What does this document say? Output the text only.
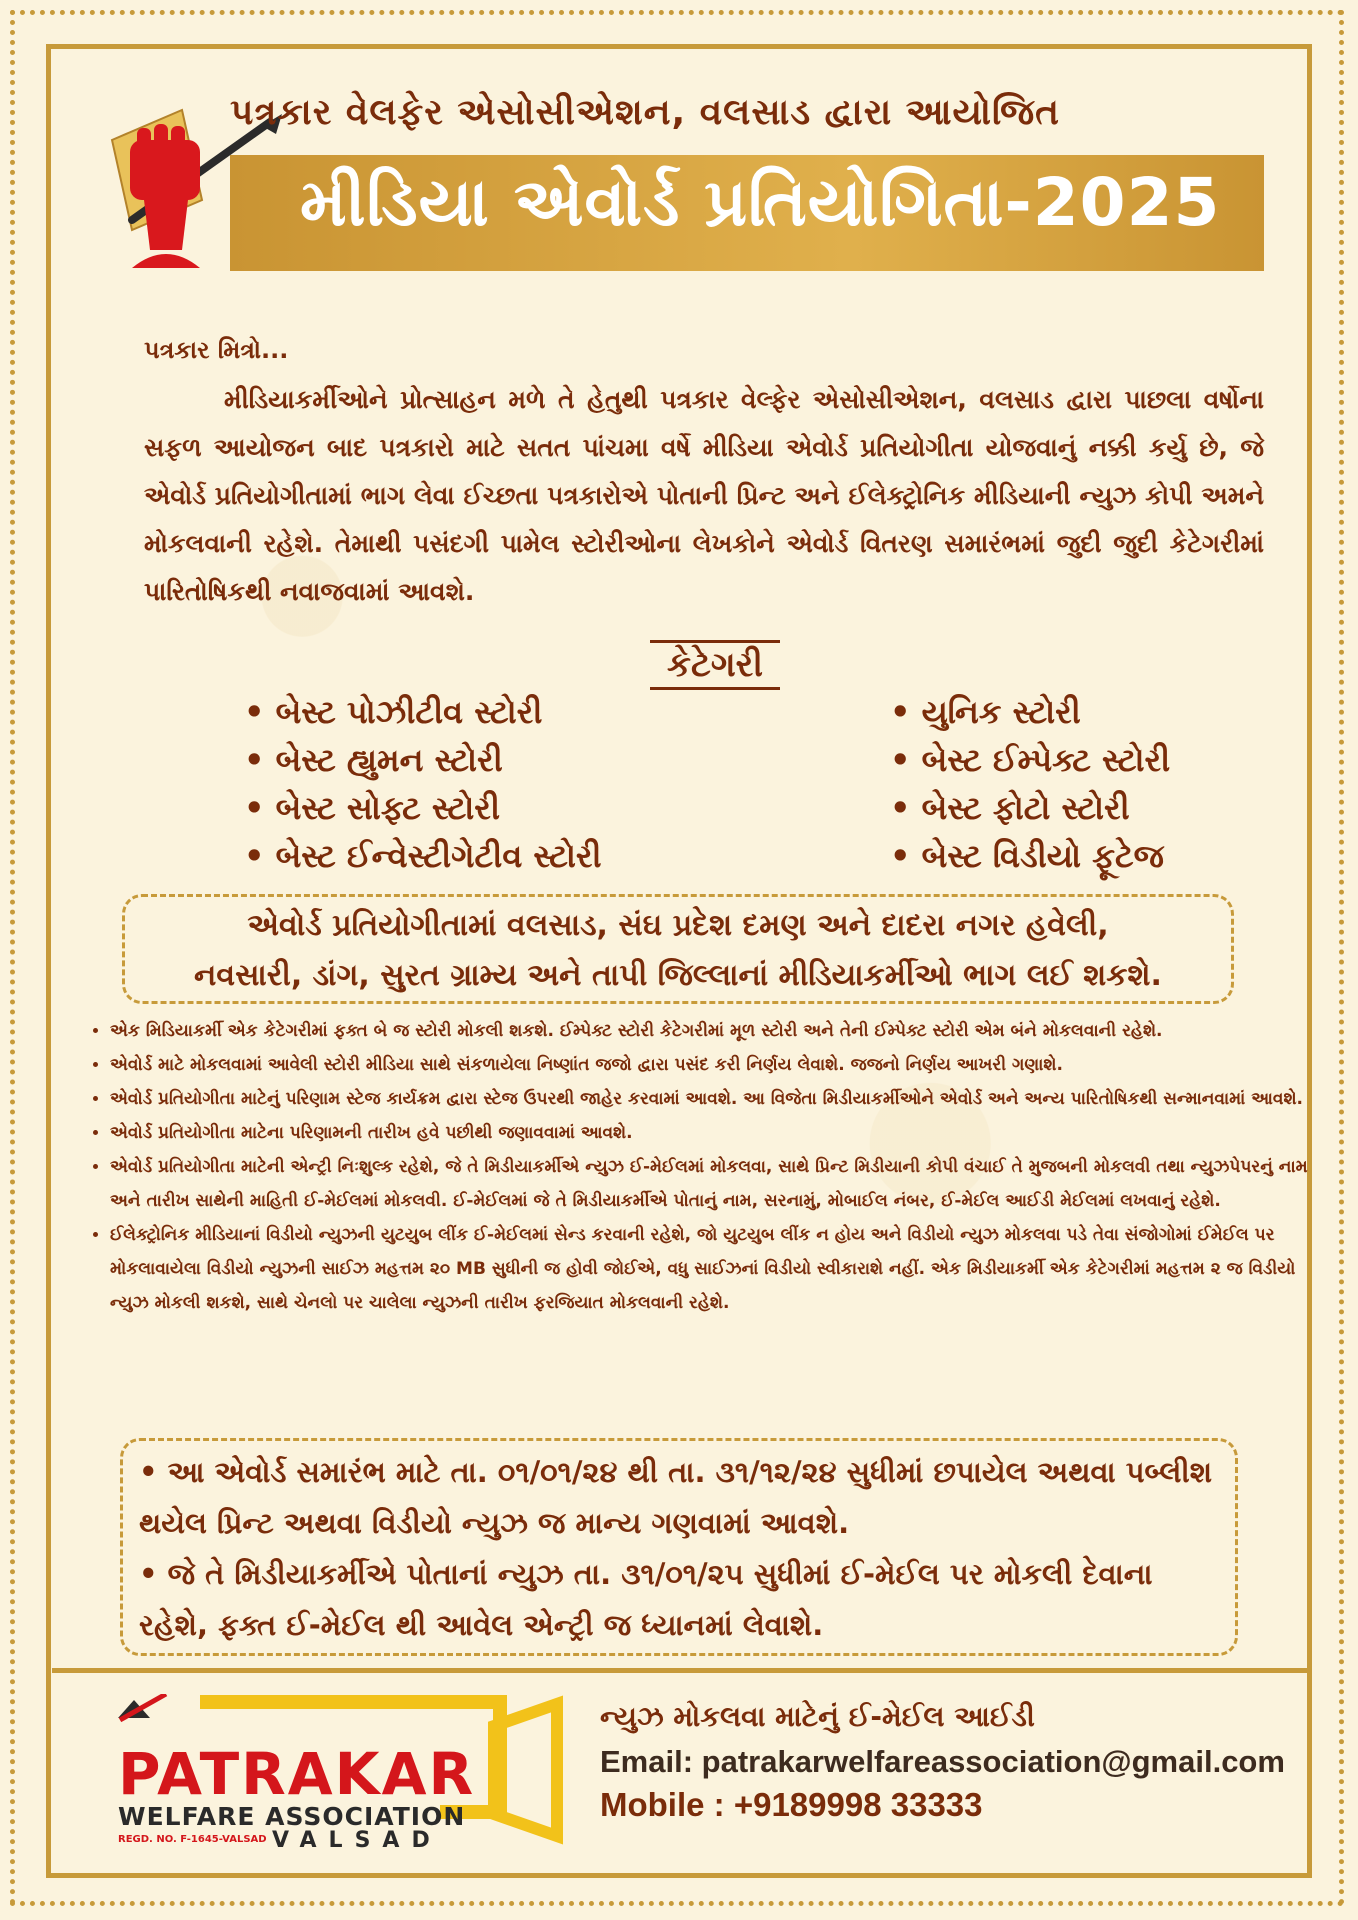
પત્રકાર વેલફેર એસોસીએશન, વલસાડ દ્વારા આયોજિત
મીડિયા એવોર્ડ પ્રતિયોગિતા-2025
પત્રકાર મિત્રો...
મીડિયાકર્મીઓને પ્રોત્સાહન મળે તે હેતુથી પત્રકાર વેલ્ફેર એસોસીએશન, વલસાડ દ્વારા પાછલા વર્ષોના સફળ આયોજન બાદ પત્રકારો માટે સતત પાંચમા વર્ષે મીડિયા એવોર્ડ પ્રતિયોગીતા યોજવાનું નક્કી કર્યુ છે, જે એવોર્ડ પ્રતિયોગીતામાં ભાગ લેવા ઈચ્છતા પત્રકારોએ પોતાની પ્રિન્ટ અને ઈલેક્ટ્રોનિક મીડિયાની ન્યુઝ કોપી અમને મોકલવાની રહેશે. તેમાથી પસંદગી પામેલ સ્ટોરીઓના લેખકોને એવોર્ડ વિતરણ સમારંભમાં જુદી જુદી કેટેગરીમાં પારિતોષિકથી નવાજવામાં આવશે.
કેટેગરી
• બેસ્ટ પોઝીટીવ સ્ટોરી
• બેસ્ટ હ્યુમન સ્ટોરી
• બેસ્ટ સોફ્ટ સ્ટોરી
• બેસ્ટ ઈન્વેસ્ટીગેટીવ સ્ટોરી
• યુનિક સ્ટોરી
• બેસ્ટ ઈમ્પેક્ટ સ્ટોરી
• બેસ્ટ ફોટો સ્ટોરી
• બેસ્ટ વિડીયો ફૂટેજ
એવોર્ડ પ્રતિયોગીતામાં વલસાડ, સંઘ પ્રદેશ દમણ અને દાદરા નગર હવેલી,
નવસારી, ડાંગ, સુરત ગ્રામ્ય અને તાપી જિલ્લાનાં મીડિયાકર્મીઓ ભાગ લઈ શકશે.
• એક મિડિયાકર્મી એક કેટેગરીમાં ફક્ત બે જ સ્ટોરી મોકલી શકશે. ઈમ્પેક્ટ સ્ટોરી કેટેગરીમાં મૂળ સ્ટોરી અને તેની ઈમ્પેક્ટ સ્ટોરી એમ બંને મોકલવાની રહેશે.
• એવોર્ડ માટે મોકલવામાં આવેલી સ્ટોરી મીડિયા સાથે સંકળાયેલા નિષ્ણાંત જજો દ્વારા પસંદ કરી નિર્ણય લેવાશે. જજનો નિર્ણય આખરી ગણાશે.
• એવોર્ડ પ્રતિયોગીતા માટેનું પરિણામ સ્ટેજ કાર્યક્રમ દ્વારા સ્ટેજ ઉપરથી જાહેર કરવામાં આવશે. આ વિજેતા મિડીયાકર્મીઓને એવોર્ડ અને અન્ય પારિતોષિકથી સન્માનવામાં આવશે.
• એવોર્ડ પ્રતિયોગીતા માટેના પરિણામની તારીખ હવે પછીથી જણાવવામાં આવશે.
• એવોર્ડ પ્રતિયોગીતા માટેની એન્ટ્રી નિઃશુલ્ક રહેશે, જે તે મિડીયાકર્મીએ ન્યુઝ ઈ-મેઈલમાં મોકલવા, સાથે પ્રિન્ટ મિડીયાની કોપી વંચાઈ તે મુજબની મોકલવી તથા ન્યુઝપેપરનું નામ અને તારીખ સાથેની માહિતી ઈ-મેઈલમાં મોકલવી. ઈ-મેઈલમાં જે તે મિડીયાકર્મીએ પોતાનું નામ, સરનામું, મોબાઈલ નંબર, ઈ-મેઈલ આઈડી મેઈલમાં લખવાનું રહેશે.
• ઈલેક્ટ્રોનિક મીડિયાનાં વિડીયો ન્યુઝની યુટયુબ લીંક ઈ-મેઈલમાં સેન્ડ કરવાની રહેશે, જો યુટયુબ લીંક ન હોય અને વિડીયો ન્યુઝ મોકલવા પડે તેવા સંજોગોમાં ઈમેઈલ પર મોકલાવાયેલા વિડીયો ન્યુઝની સાઈઝ મહત્તમ ૨૦ MB સુધીની જ હોવી જોઈએ, વધુ સાઈઝનાં વિડીયો સ્વીકારાશે નહીં. એક મિડીયાકર્મી એક કેટેગરીમાં મહત્તમ ૨ જ વિડીયો ન્યુઝ મોકલી શકશે, સાથે ચેનલો પર ચાલેલા ન્યુઝની તારીખ ફરજિયાત મોકલવાની રહેશે.

• આ એવોર્ડ સમારંભ માટે તા. ૦૧/૦૧/૨૪ થી તા. ૩૧/૧૨/૨૪ સુધીમાં છપાયેલ અથવા પબ્લીશ થયેલ પ્રિન્ટ અથવા વિડીયો ન્યુઝ જ માન્ય ગણવામાં આવશે.

• જે તે મિડીયાકર્મીએ પોતાનાં ન્યુઝ તા. ૩૧/૦૧/૨૫ સુધીમાં ઈ-મેઈલ પર મોકલી દેવાના રહેશે, ફક્ત ઈ-મેઈલ થી આવેલ એન્ટ્રી જ ધ્યાનમાં લેવાશે.

PATRAKAR
WELFARE ASSOCIATION
REGD. NO. F-1645-VALSAD VALSAD
ન્યુઝ મોકલવા માટેનું ઈ-મેઈલ આઈડી
Email: patrakarwelfareassociation@gmail.com
Mobile : +9189998 33333
